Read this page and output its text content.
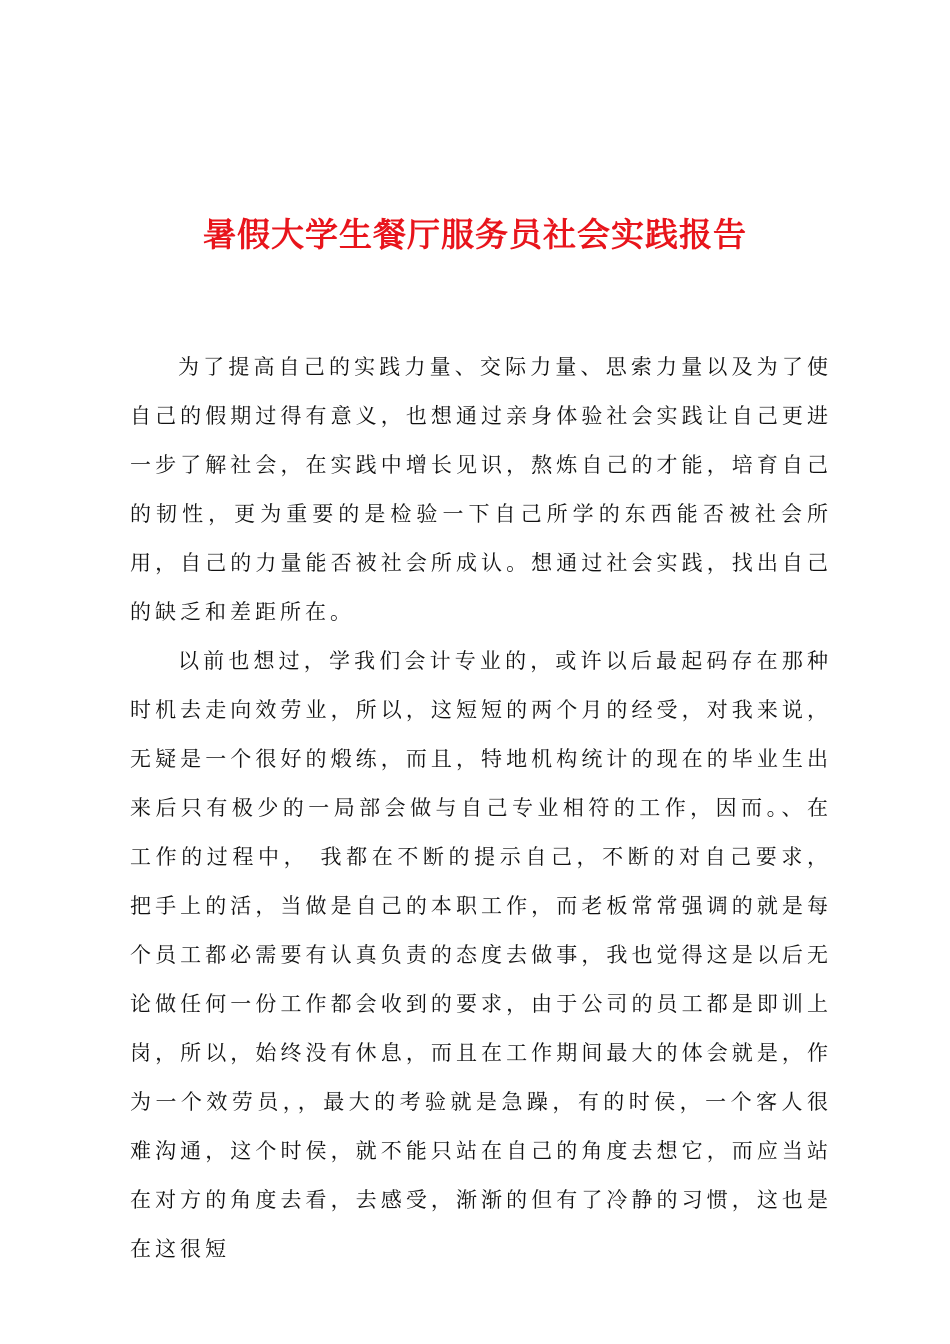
暑假大学生餐厅服务员社会实践报告

为了提高自己的实践力量、交际力量、思索力量以及为了使自己的假期过得有意义，也想通过亲身体验社会实践让自己更进一步了解社会，在实践中增长见识，熬炼自己的才能，培育自己的韧性，更为重要的是检验一下自己所学的东西能否被社会所用，自己的力量能否被社会所成认。想通过社会实践，找出自己的缺乏和差距所在。

以前也想过，学我们会计专业的，或许以后最起码存在那种时机去走向效劳业，所以，这短短的两个月的经受，对我来说，无疑是一个很好的煅练，而且，特地机构统计的现在的毕业生出来后只有极少的一局部会做与自己专业相符的工作，因而。、在工作的过程中， 我都在不断的提示自己，不断的对自己要求，把手上的活，当做是自己的本职工作，而老板常常强调的就是每个员工都必需要有认真负责的态度去做事，我也觉得这是以后无论做任何一份工作都会收到的要求，由于公司的员工都是即训上岗，所以，始终没有休息，而且在工作期间最大的体会就是，作为一个效劳员，，最大的考验就是急躁，有的时侯，一个客人很难沟通，这个时侯，就不能只站在自己的角度去想它，而应当站在对方的角度去看，去感受，渐渐的但有了冷静的习惯，这也是在这很短
